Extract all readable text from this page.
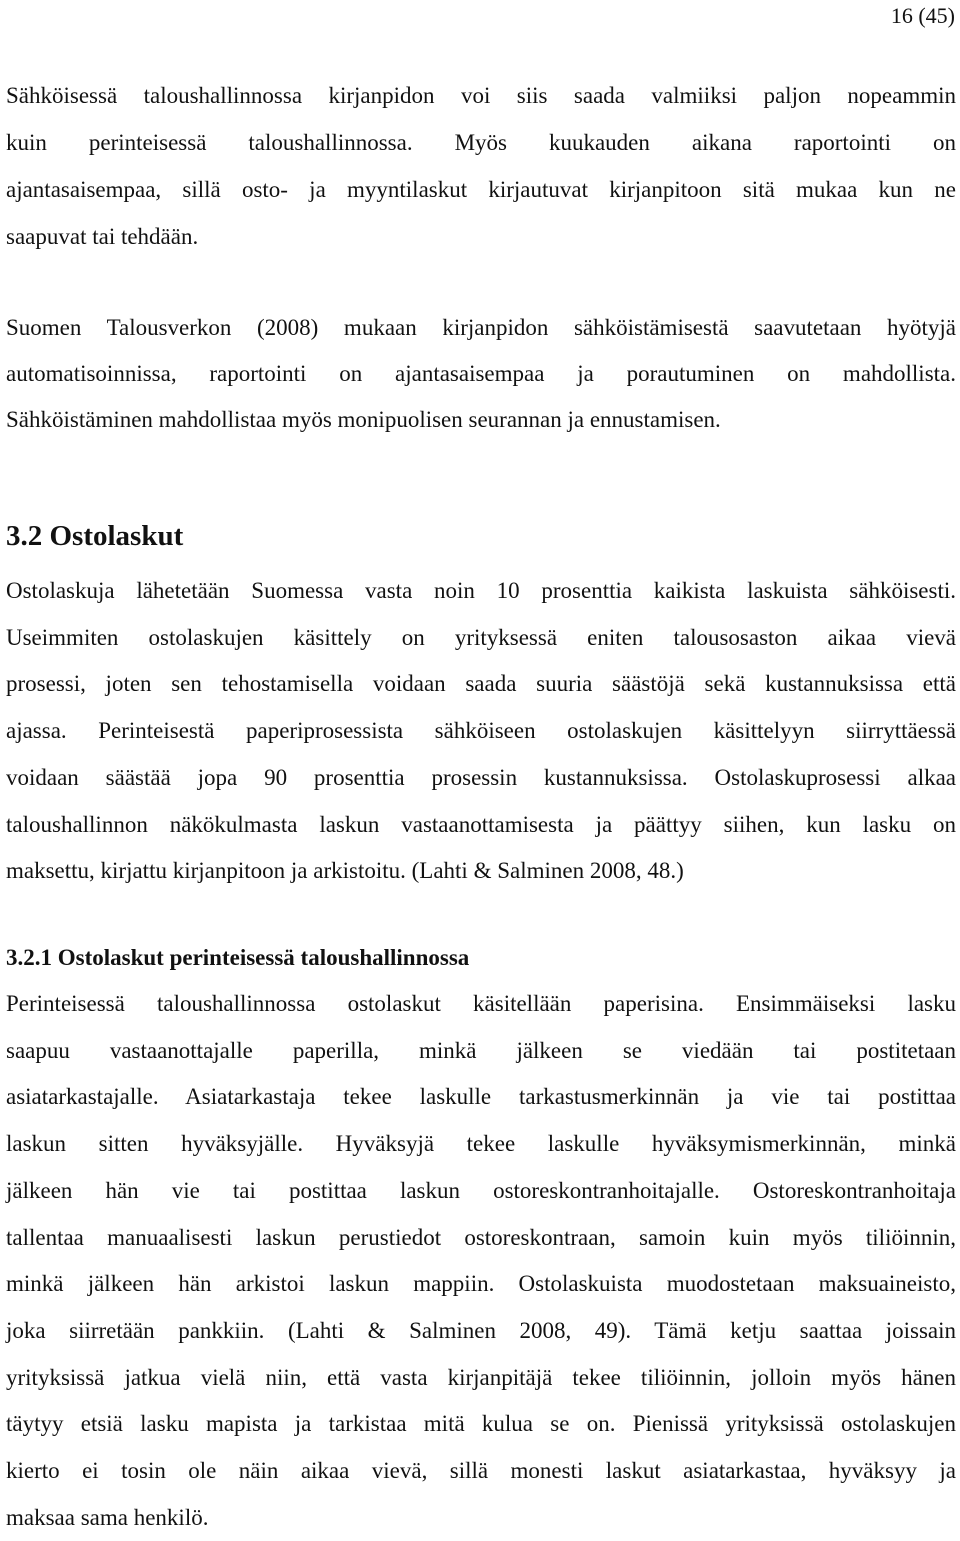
16 (45)

Sähköisessä taloushallinnossa kirjanpidon voi siis saada valmiiksi paljon nopeammin
kuin perinteisessä taloushallinnossa. Myös kuukauden aikana raportointi on
ajantasaisempaa, sillä osto- ja myyntilaskut kirjautuvat kirjanpitoon sitä mukaa kun ne
saapuvat tai tehdään.

Suomen Talousverkon (2008) mukaan kirjanpidon sähköistämisestä saavutetaan hyötyjä
automatisoinnissa, raportointi on ajantasaisempaa ja porautuminen on mahdollista.
Sähköistäminen mahdollistaa myös monipuolisen seurannan ja ennustamisen.

3.2 Ostolaskut

Ostolaskuja lähetetään Suomessa vasta noin 10 prosenttia kaikista laskuista sähköisesti.
Useimmiten ostolaskujen käsittely on yrityksessä eniten talousosaston aikaa vievä
prosessi, joten sen tehostamisella voidaan saada suuria säästöjä sekä kustannuksissa että
ajassa. Perinteisestä paperiprosessista sähköiseen ostolaskujen käsittelyyn siirryttäessä
voidaan säästää jopa 90 prosenttia prosessin kustannuksissa. Ostolaskuprosessi alkaa
taloushallinnon näkökulmasta laskun vastaanottamisesta ja päättyy siihen, kun lasku on
maksettu, kirjattu kirjanpitoon ja arkistoitu. (Lahti & Salminen 2008, 48.)

3.2.1 Ostolaskut perinteisessä taloushallinnossa

Perinteisessä taloushallinnossa ostolaskut käsitellään paperisina. Ensimmäiseksi lasku
saapuu vastaanottajalle paperilla, minkä jälkeen se viedään tai postitetaan
asiatarkastajalle. Asiatarkastaja tekee laskulle tarkastusmerkinnän ja vie tai postittaa
laskun sitten hyväksyjälle. Hyväksyjä tekee laskulle hyväksymismerkinnän, minkä
jälkeen hän vie tai postittaa laskun ostoreskontranhoitajalle. Ostoreskontranhoitaja
tallentaa manuaalisesti laskun perustiedot ostoreskontraan, samoin kuin myös tiliöinnin,
minkä jälkeen hän arkistoi laskun mappiin. Ostolaskuista muodostetaan maksuaineisto,
joka siirretään pankkiin. (Lahti & Salminen 2008, 49). Tämä ketju saattaa joissain
yrityksissä jatkua vielä niin, että vasta kirjanpitäjä tekee tiliöinnin, jolloin myös hänen
täytyy etsiä lasku mapista ja tarkistaa mitä kulua se on. Pienissä yrityksissä ostolaskujen
kierto ei tosin ole näin aikaa vievä, sillä monesti laskut asiatarkastaa, hyväksyy ja
maksaa sama henkilö.
